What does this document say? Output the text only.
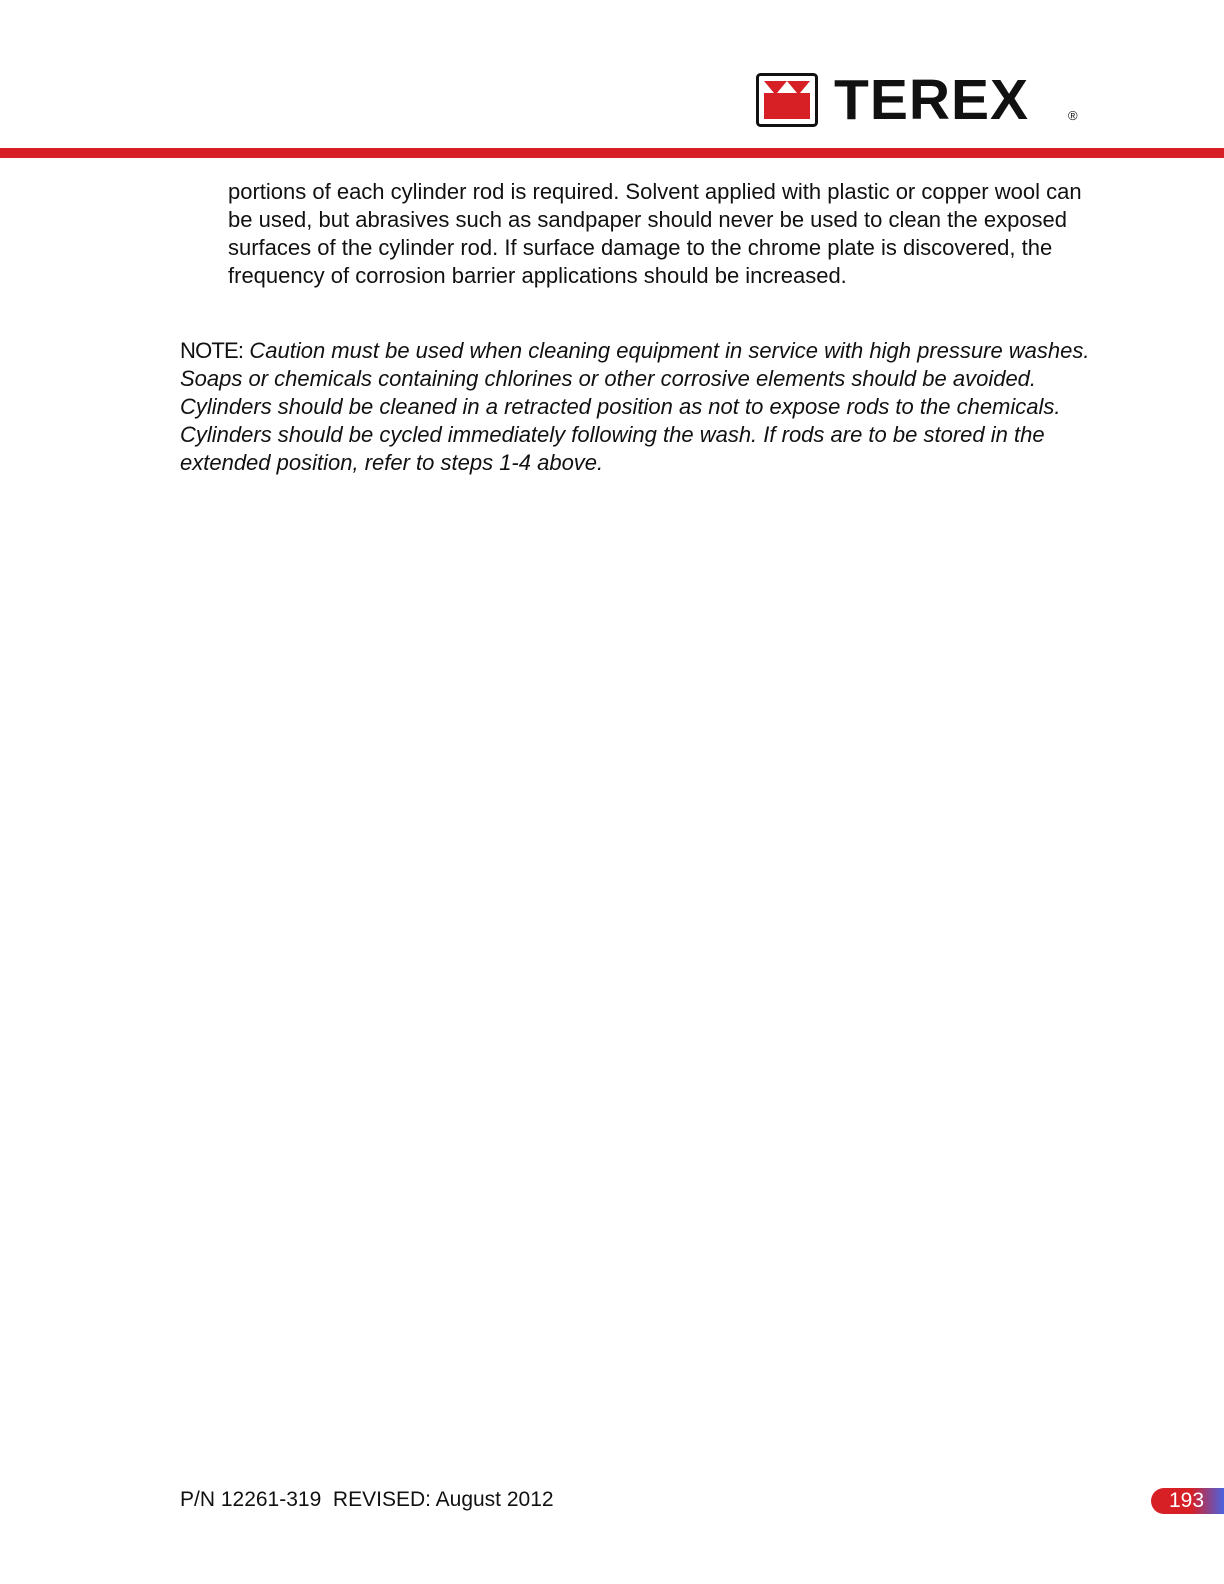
TEREX	®

portions of each cylinder rod is required. Solvent applied with plastic or copper wool can be used, but abrasives such as sandpaper should never be used to clean the exposed surfaces of the cylinder rod. If surface damage to the chrome plate is discovered, the frequency of corrosion barrier applications should be increased.

NOTE: Caution must be used when cleaning equipment in service with high pressure washes. Soaps or chemicals containing chlorines or other corrosive elements should be avoided. Cylinders should be cleaned in a retracted position as not to expose rods to the chemicals. Cylinders should be cycled immediately following the wash. If rods are to be stored in the extended position, refer to steps 1-4 above.

P/N 12261-319  REVISED: August 2012	193
